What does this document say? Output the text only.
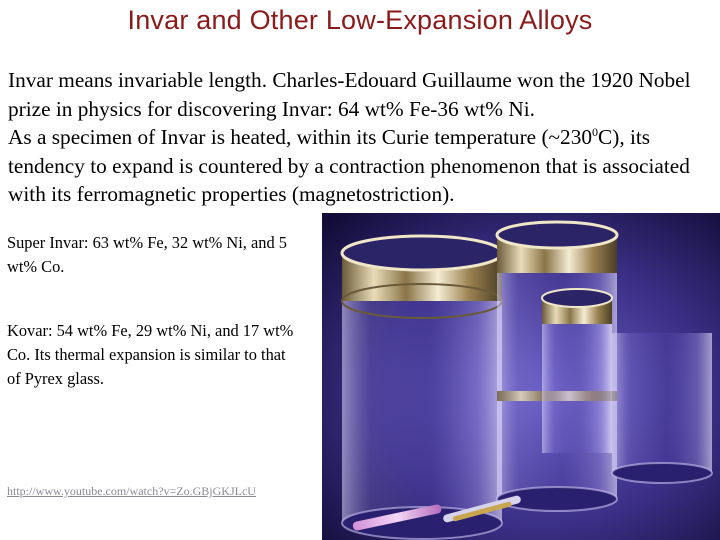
Invar and Other Low-Expansion Alloys

Invar means invariable length. Charles-Edouard Guillaume won the 1920 Nobel prize in physics for discovering Invar: 64 wt% Fe-36 wt% Ni.

As a specimen of Invar is heated, within its Curie temperature $(\sim 230^0C)$, its tendency to expand is countered by a contraction phenomenon that is associated with its ferromagnetic properties (magnetostriction).

Super Invar: 63 wt% Fe, 32 wt% Ni, and 5 wt% Co.
Kovar: 54 wt% Fe, 29 wt% Ni, and 17 wt% Co. Its thermal expansion is similar to that of Pyrex glass.
http://www.youtube.com/watch?v=Zo.GBjGKJLcU
